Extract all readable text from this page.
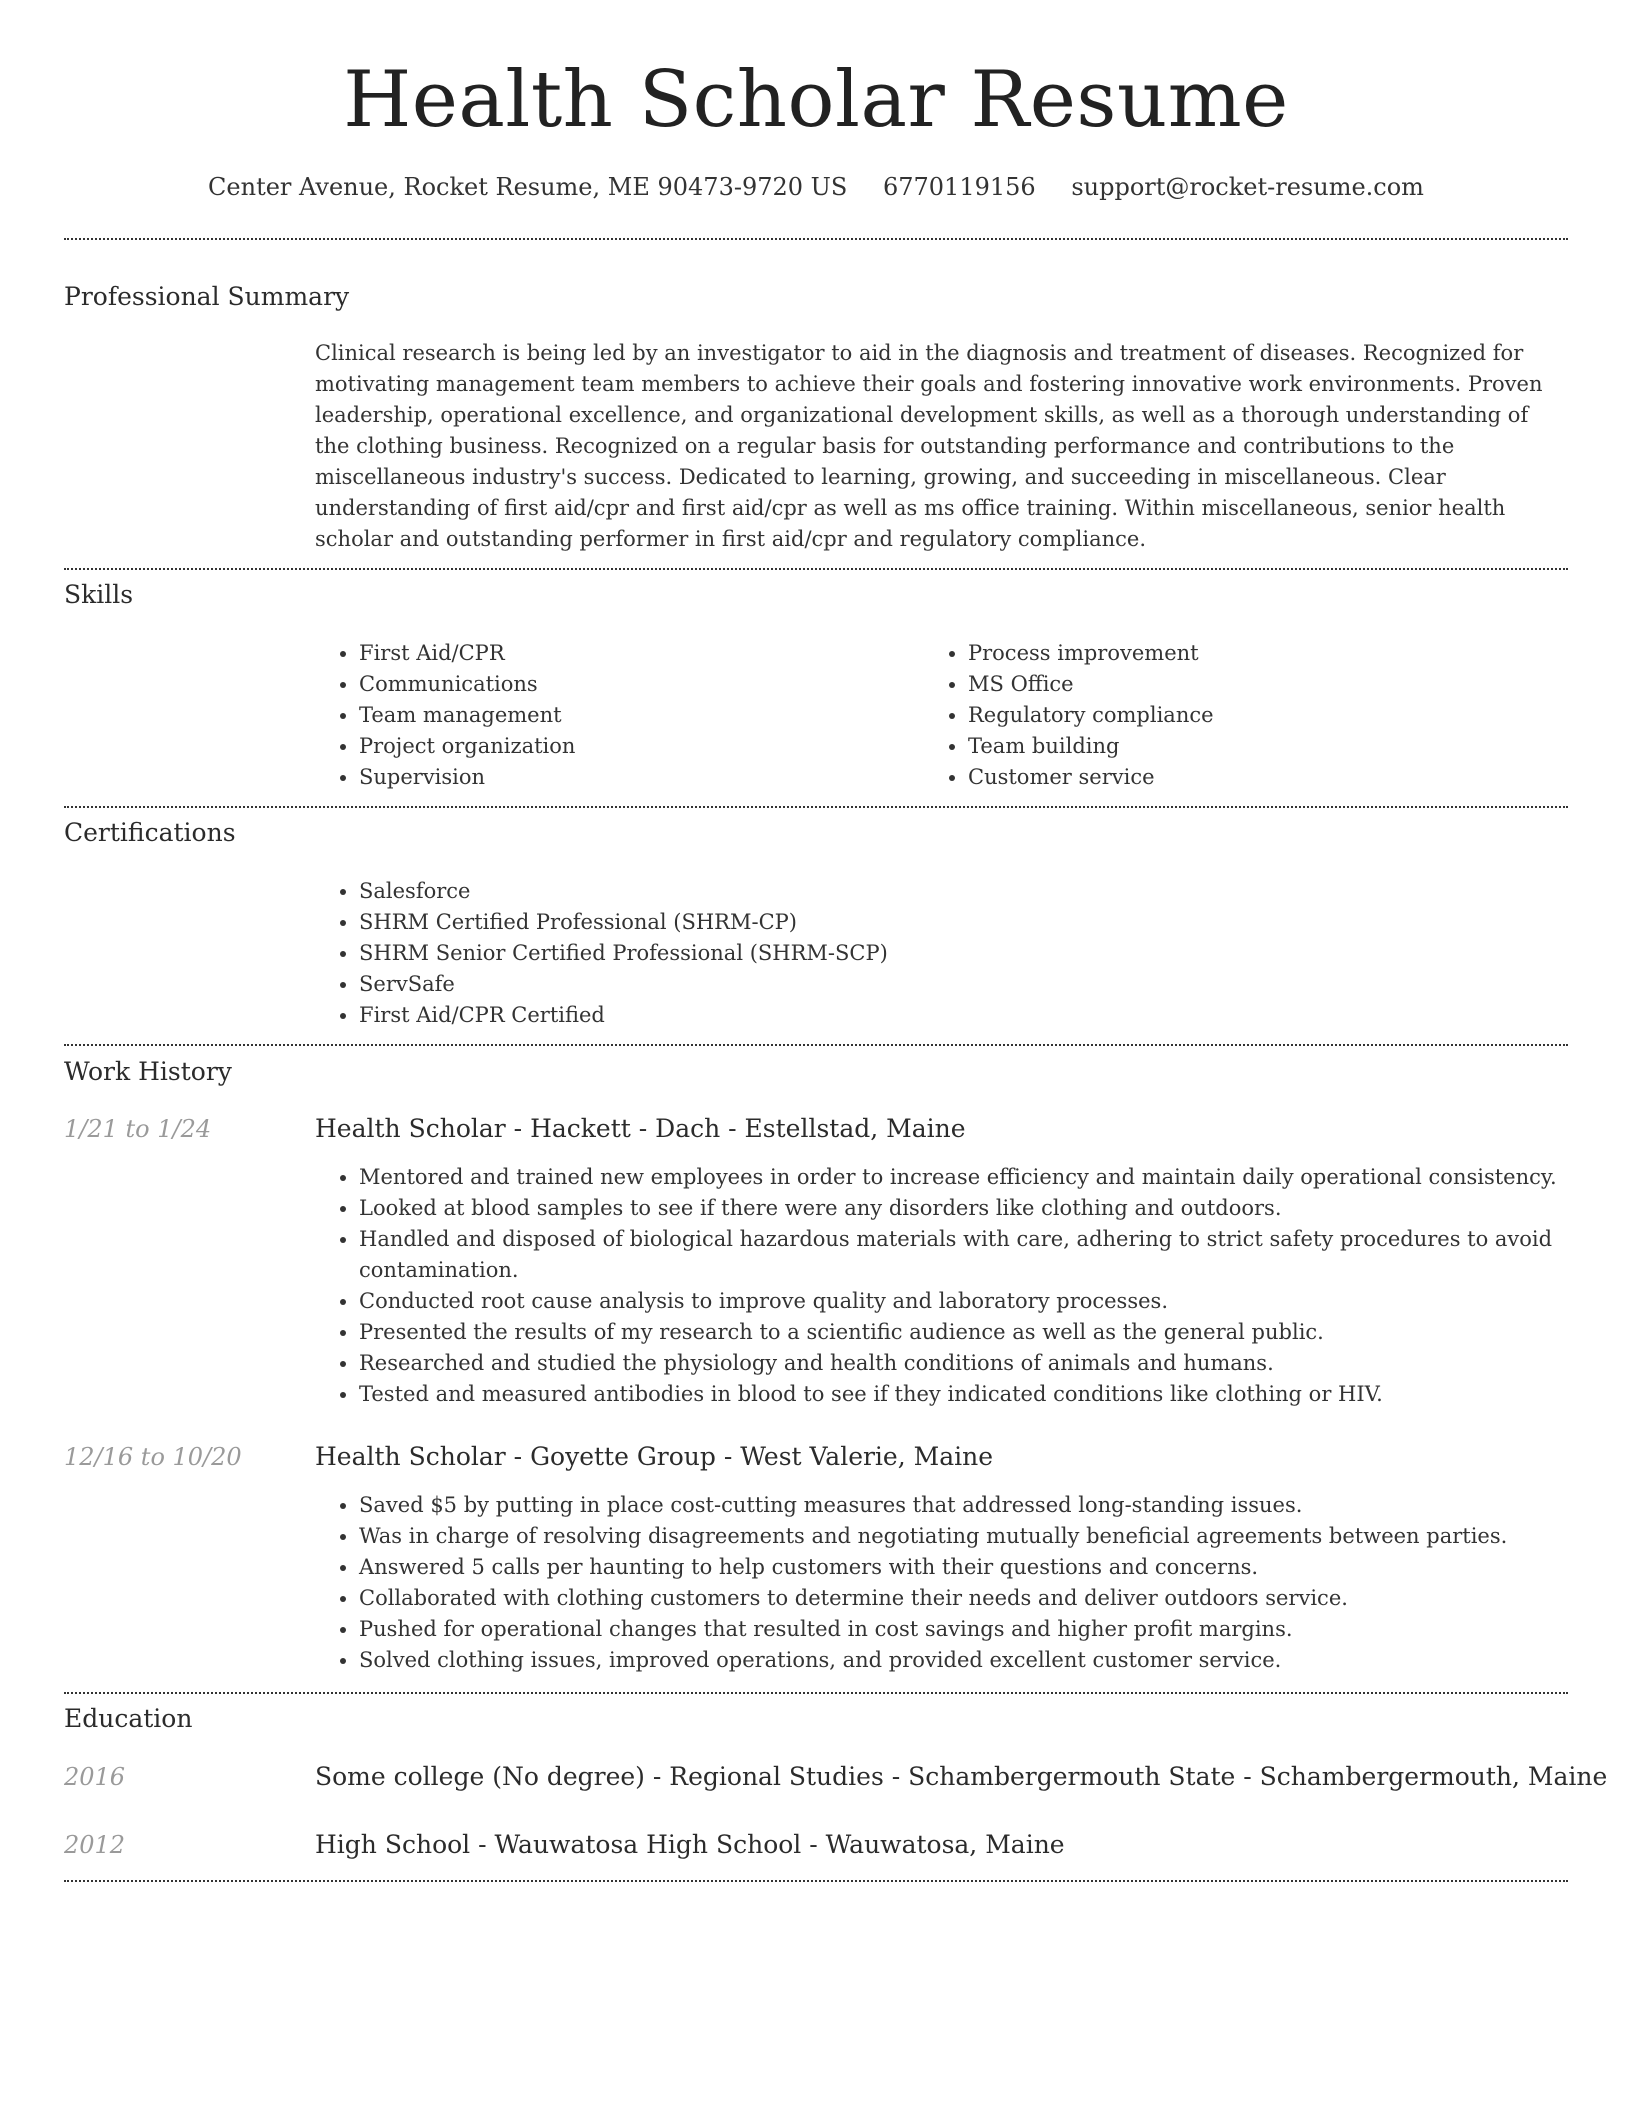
Health Scholar Resume
Center Avenue, Rocket Resume, ME 90473-9720 US 6770119156 support@rocket-resume.com
Professional Summary

Clinical research is being led by an investigator to aid in the diagnosis and treatment of diseases. Recognized for motivating management team members to achieve their goals and fostering innovative work environments. Proven leadership, operational excellence, and organizational development skills, as well as a thorough understanding of the clothing business. Recognized on a regular basis for outstanding performance and contributions to the miscellaneous industry's success. Dedicated to learning, growing, and succeeding in miscellaneous. Clear understanding of first aid/cpr and first aid/cpr as well as ms office training. Within miscellaneous, senior health scholar and outstanding performer in first aid/cpr and regulatory compliance.

Skills
• First Aid/CPR
• Communications
• Team management
• Project organization
• Supervision
• Process improvement
• MS Office
• Regulatory compliance
• Team building
• Customer service
Certifications
• Salesforce
• SHRM Certified Professional (SHRM-CP)
• SHRM Senior Certified Professional (SHRM-SCP)
• ServSafe
• First Aid/CPR Certified
Work History
1/21 to 1/24	Health Scholar - Hackett - Dach - Estellstad, Maine
• Mentored and trained new employees in order to increase efficiency and maintain daily operational consistency.
• Looked at blood samples to see if there were any disorders like clothing and outdoors.
• Handled and disposed of biological hazardous materials with care, adhering to strict safety procedures to avoid contamination.
• Conducted root cause analysis to improve quality and laboratory processes.
• Presented the results of my research to a scientific audience as well as the general public.
• Researched and studied the physiology and health conditions of animals and humans.
• Tested and measured antibodies in blood to see if they indicated conditions like clothing or HIV.
12/16 to 10/20	Health Scholar - Goyette Group - West Valerie, Maine
• Saved $5 by putting in place cost-cutting measures that addressed long-standing issues.
• Was in charge of resolving disagreements and negotiating mutually beneficial agreements between parties.
• Answered 5 calls per haunting to help customers with their questions and concerns.
• Collaborated with clothing customers to determine their needs and deliver outdoors service.
• Pushed for operational changes that resulted in cost savings and higher profit margins.
• Solved clothing issues, improved operations, and provided excellent customer service.
Education
2016	Some college (No degree) - Regional Studies - Schambergermouth State - Schambergermouth, Maine
2012	High School - Wauwatosa High School - Wauwatosa, Maine
